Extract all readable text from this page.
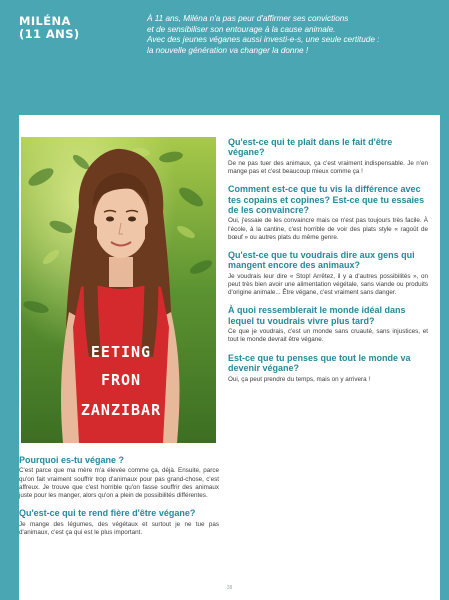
MILÉNA
(11 ANS)

À 11 ans, Miléna n'a pas peur d'affirmer ses convictions

et de sensibiliser son entourage à la cause animale.

Avec des jeunes véganes aussi investi-e-s, une seule certitude :

la nouvelle génération va changer la donne !

EETING
FRON
ZANZIBAR
Pourquoi es-tu végane ?

C'est parce que ma mère m'a élevée comme ça, déjà. Ensuite, parce qu'on fait vraiment souffrir trop d'animaux pour pas grand-chose, c'est affreux. Je trouve que c'est horrible qu'on fasse souffrir des animaux juste pour les manger, alors qu'on a plein de possibilités différentes.

Qu'est-ce qui te rend fière d'être végane?

Je mange des légumes, des végétaux et surtout je ne tue pas d'animaux, c'est ça qui est le plus important.

Qu'est-ce qui te plaît dans le fait d'être végane?

De ne pas tuer des animaux, ça c'est vraiment indispensable. Je n'en mange pas et c'est beaucoup mieux comme ça !

Comment est-ce que tu vis la différence avec tes copains et copines? Est-ce que tu essaies de les convaincre?

Oui, j'essaie de les convaincre mais ce n'est pas toujours très facile. À l'école, à la cantine, c'est horrible de voir des plats style « ragoût de bœuf » ou autres plats du même genre.

Qu'est-ce que tu voudrais dire aux gens qui mangent encore des animaux?

Je voudrais leur dire « Stop! Arrêtez, il y a d'autres possibilités », on peut très bien avoir une alimentation végétale, sans viande ou produits d'origine animale... Être végane, c'est vraiment sans danger.

À quoi ressemblerait le monde idéal dans lequel tu voudrais vivre plus tard?

Ce que je voudrais, c'est un monde sans cruauté, sans injustices, et tout le monde devrait être végane.

Est-ce que tu penses que tout le monde va devenir végane?

Oui, ça peut prendre du temps, mais on y arrivera !

38
